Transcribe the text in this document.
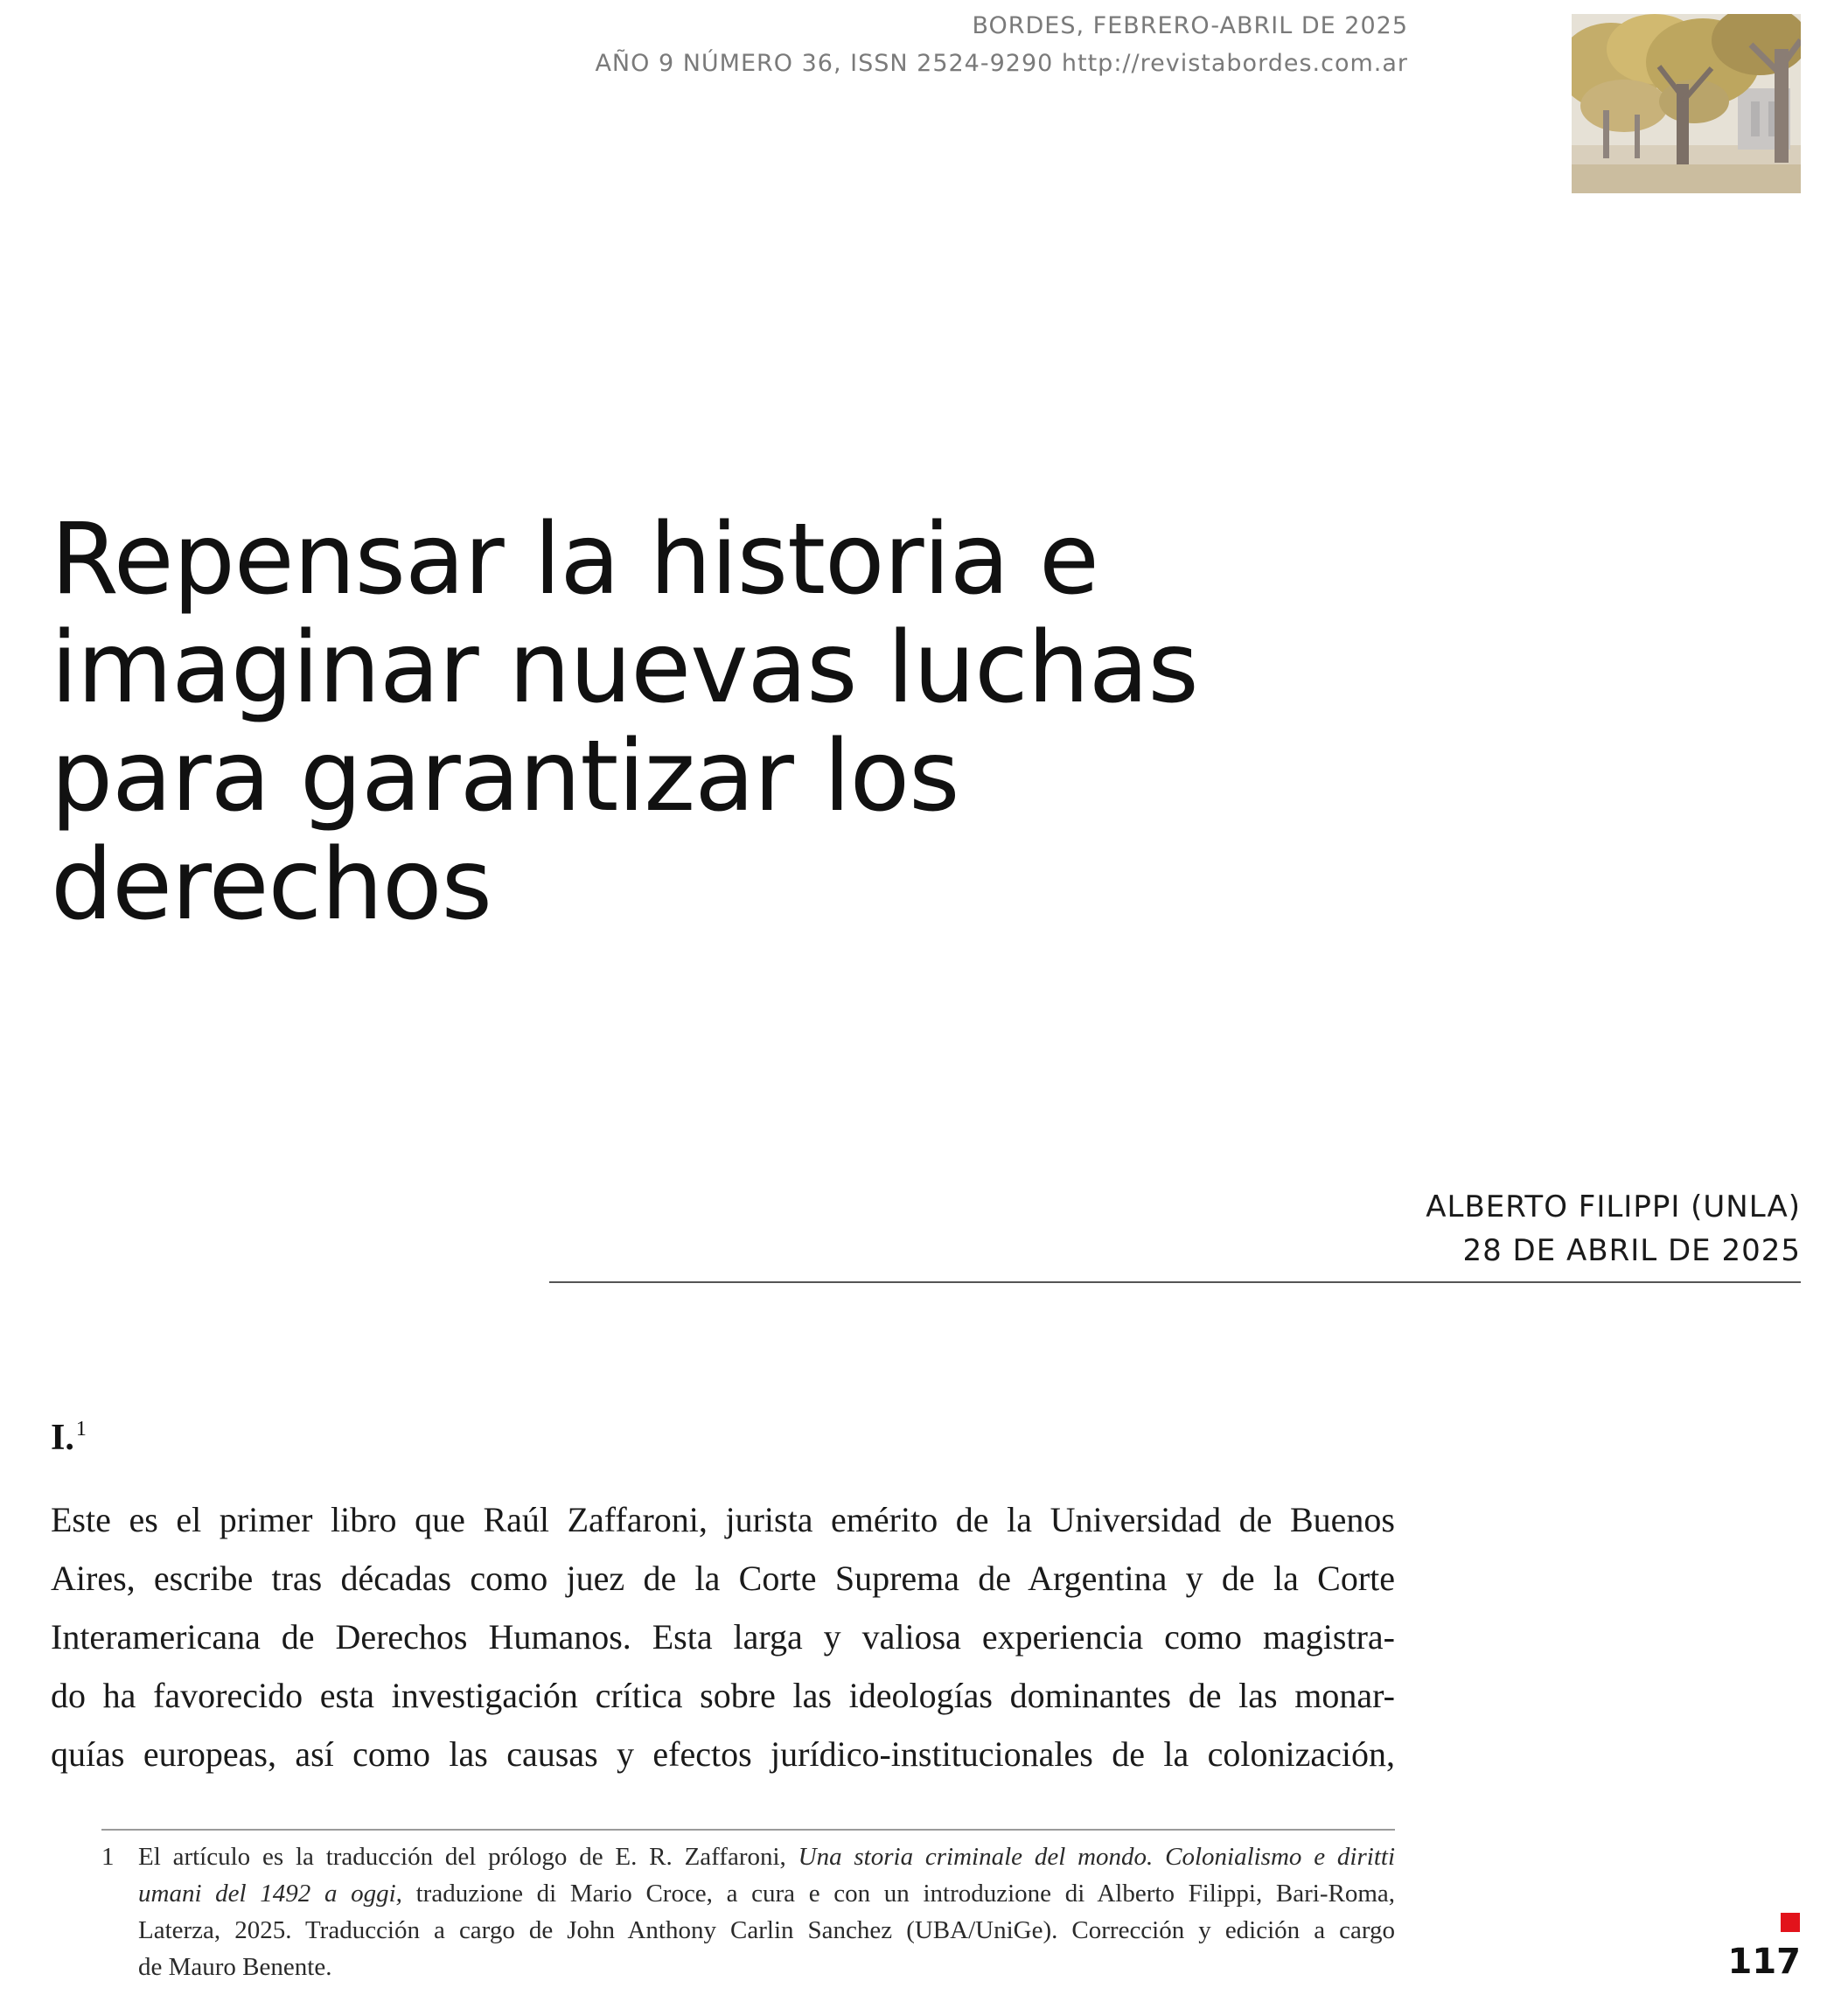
BORDES, FEBRERO-ABRIL DE 2025
AÑO 9 NÚMERO 36, ISSN 2524-9290 http://revistabordes.com.ar
Repensar la historia e
imaginar nuevas luchas
para garantizar los
derechos
ALBERTO FILIPPI (UNLA)
28 DE ABRIL DE 2025
I.$^1$

Este es el primer libro que Raúl Zaffaroni, jurista emérito de la Universidad de Buenos
Aires, escribe tras décadas como juez de la Corte Suprema de Argentina y de la Corte
Interamericana de Derechos Humanos. Esta larga y valiosa experiencia como magistra-
do ha favorecido esta investigación crítica sobre las ideologías dominantes de las monar-
quías europeas, así como las causas y efectos jurídico-institucionales de la colonización,

1 El artículo es la traducción del prólogo de E. R. Zaffaroni, Una storia criminale del mondo. Colonialismo e diritti
umani del 1492 a oggi, traduzione di Mario Croce, a cura e con un introduzione di Alberto Filippi, Bari-Roma,
Laterza, 2025. Traducción a cargo de John Anthony Carlin Sanchez (UBA/UniGe). Corrección y edición a cargo
de Mauro Benente.	117
